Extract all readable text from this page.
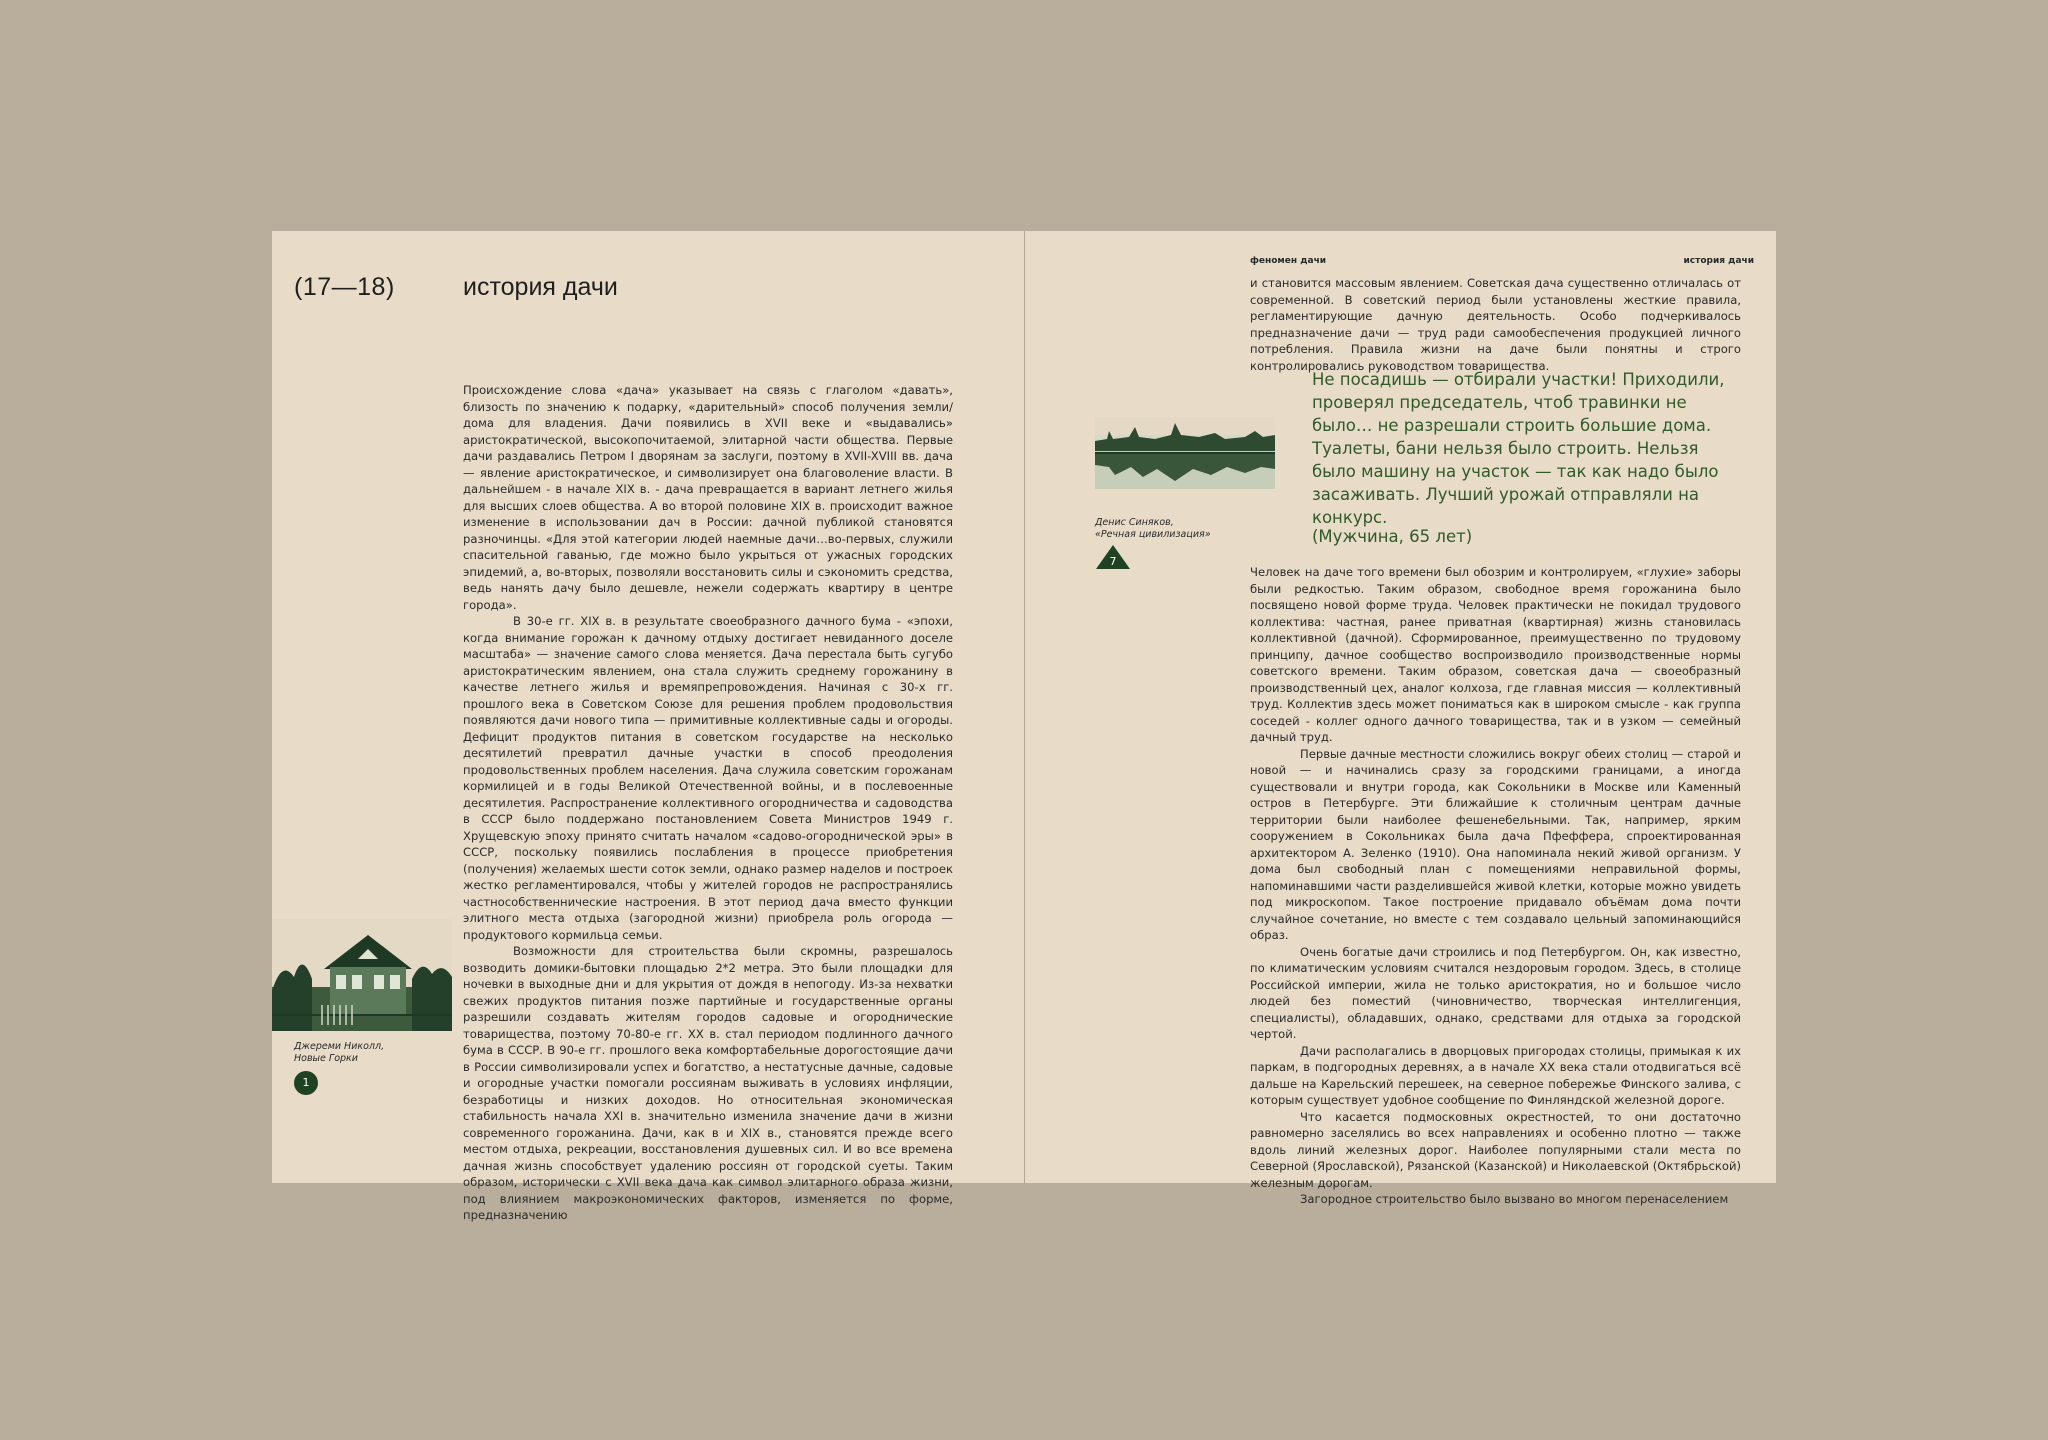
(17—18)	история дачи

Происхождение слова «дача» указывает на связь с глаголом «давать», близость по значению к подарку, «дарительный» способ получения земли/дома для владения. Дачи появились в XVII веке и «выдавались» аристократической, высокопочитаемой, элитарной части общества. Первые дачи раздавались Петром I дворянам за заслуги, поэтому в XVII-XVIII вв. дача — явление аристократическое, и символизирует она благоволение власти. В дальнейшем - в начале XIX в. - дача превращается в вариант летнего жилья для высших слоев общества. А во второй половине XIX в. происходит важное изменение в использовании дач в России: дачной публикой становятся разночинцы. «Для этой категории людей наемные дачи…во-первых, служили спасительной гаванью, где можно было укрыться от ужасных городских эпидемий, а, во-вторых, позволяли восстановить силы и сэкономить средства, ведь нанять дачу было дешевле, нежели содержать квартиру в центре города».

В 30-е гг. XIX в. в результате своеобразного дачного бума - «эпохи, когда внимание горожан к дачному отдыху достигает невиданного доселе масштаба» — значение самого слова меняется. Дача перестала быть сугубо аристократическим явлением, она стала служить среднему горожанину в качестве летнего жилья и времяпрепровождения. Начиная с 30-х гг. прошлого века в Советском Союзе для решения проблем продовольствия появляются дачи нового типа — примитивные коллективные сады и огороды. Дефицит продуктов питания в советском государстве на несколько десятилетий превратил дачные участки в способ преодоления продовольственных проблем населения. Дача служила советским горожанам кормилицей и в годы Великой Отечественной войны, и в послевоенные десятилетия. Распространение коллективного огородничества и садоводства в СССР было поддержано постановлением Совета Министров 1949 г. Хрущевскую эпоху принято считать началом «садово-огороднической эры» в СССР, поскольку появились послабления в процессе приобретения (получения) желаемых шести соток земли, однако размер наделов и построек жестко регламентировался, чтобы у жителей городов не распространялись частнособственнические настроения. В этот период дача вместо функции элитного места отдыха (загородной жизни) приобрела роль огорода — продуктового кормильца семьи.

Возможности для строительства были скромны, разрешалось возводить домики-бытовки площадью 2*2 метра. Это были площадки для ночевки в выходные дни и для укрытия от дождя в непогоду. Из-за нехватки свежих продуктов питания позже партийные и государственные органы разрешили создавать жителям городов садовые и огороднические товарищества, поэтому 70-80-е гг. XX в. стал периодом подлинного дачного бума в СССР. В 90-е гг. прошлого века комфортабельные дорогостоящие дачи в России символизировали успех и богатство, а нестатусные дачные, садовые и огородные участки помогали россиянам выживать в условиях инфляции, безработицы и низких доходов. Но относительная экономическая стабильность начала XXI в. значительно изменила значение дачи в жизни современного горожанина. Дачи, как в и XIX в., становятся прежде всего местом отдыха, рекреации, восстановления душевных сил. И во все времена дачная жизнь способствует удалению россиян от городской суеты. Таким образом, исторически с XVII века дача как символ элитарного образа жизни, под влиянием макроэкономических факторов, изменяется по форме, предназначению

Джереми Николл,
Новые Горки
1
феномен дачи	история дачи

и становится массовым явлением. Советская дача существенно отличалась от современной. В советский период были установлены жесткие правила, регламентирующие дачную деятельность. Особо подчеркивалось предназначение дачи — труд ради самообеспечения продукцией личного потребления. Правила жизни на даче были понятны и строго контролировались руководством товарищества.

Денис Синяков,
«Речная цивилизация»
7
Не посадишь — отбирали участки! Приходили, проверял председатель, чтоб травинки не было… не разрешали строить большие дома. Туалеты, бани нельзя было строить. Нельзя было машину на участок — так как надо было засаживать. Лучший урожай отправляли на конкурс.
(Мужчина, 65 лет)

Человек на даче того времени был обозрим и контролируем, «глухие» заборы были редкостью. Таким образом, свободное время горожанина было посвящено новой форме труда. Человек практически не покидал трудового коллектива: частная, ранее приватная (квартирная) жизнь становилась коллективной (дачной). Сформированное, преимущественно по трудовому принципу, дачное сообщество воспроизводило производственные нормы советского времени. Таким образом, советская дача — своеобразный производственный цех, аналог колхоза, где главная миссия — коллективный труд. Коллектив здесь может пониматься как в широком смысле - как группа соседей - коллег одного дачного товарищества, так и в узком — семейный дачный труд.

Первые дачные местности сложились вокруг обеих столиц — старой и новой — и начинались сразу за городскими границами, а иногда существовали и внутри города, как Сокольники в Москве или Каменный остров в Петербурге. Эти ближайшие к столичным центрам дачные территории были наиболее фешенебельными. Так, например, ярким сооружением в Сокольниках была дача Пфеффера, спроектированная архитектором А. Зеленко (1910). Она напоминала некий живой организм. У дома был свободный план с помещениями неправильной формы, напоминавшими части разделившейся живой клетки, которые можно увидеть под микроскопом. Такое построение придавало объёмам дома почти случайное сочетание, но вместе с тем создавало цельный запоминающийся образ.

Очень богатые дачи строились и под Петербургом. Он, как известно, по климатическим условиям считался нездоровым городом. Здесь, в столице Российской империи, жила не только аристократия, но и большое число людей без поместий (чиновничество, творческая интеллигенция, специалисты), обладавших, однако, средствами для отдыха за городской чертой.

Дачи располагались в дворцовых пригородах столицы, примыкая к их паркам, в подгородных деревнях, а в начале XX века стали отодвигаться всё дальше на Карельский перешеек, на северное побережье Финского залива, с которым существует удобное сообщение по Финляндской железной дороге.

Что касается подмосковных окрестностей, то они достаточно равномерно заселялись во всех направлениях и особенно плотно — также вдоль линий железных дорог. Наиболее популярными стали места по Северной (Ярославской), Рязанской (Казанской) и Николаевской (Октябрьской) железным дорогам.

Загородное строительство было вызвано во многом перенаселением
